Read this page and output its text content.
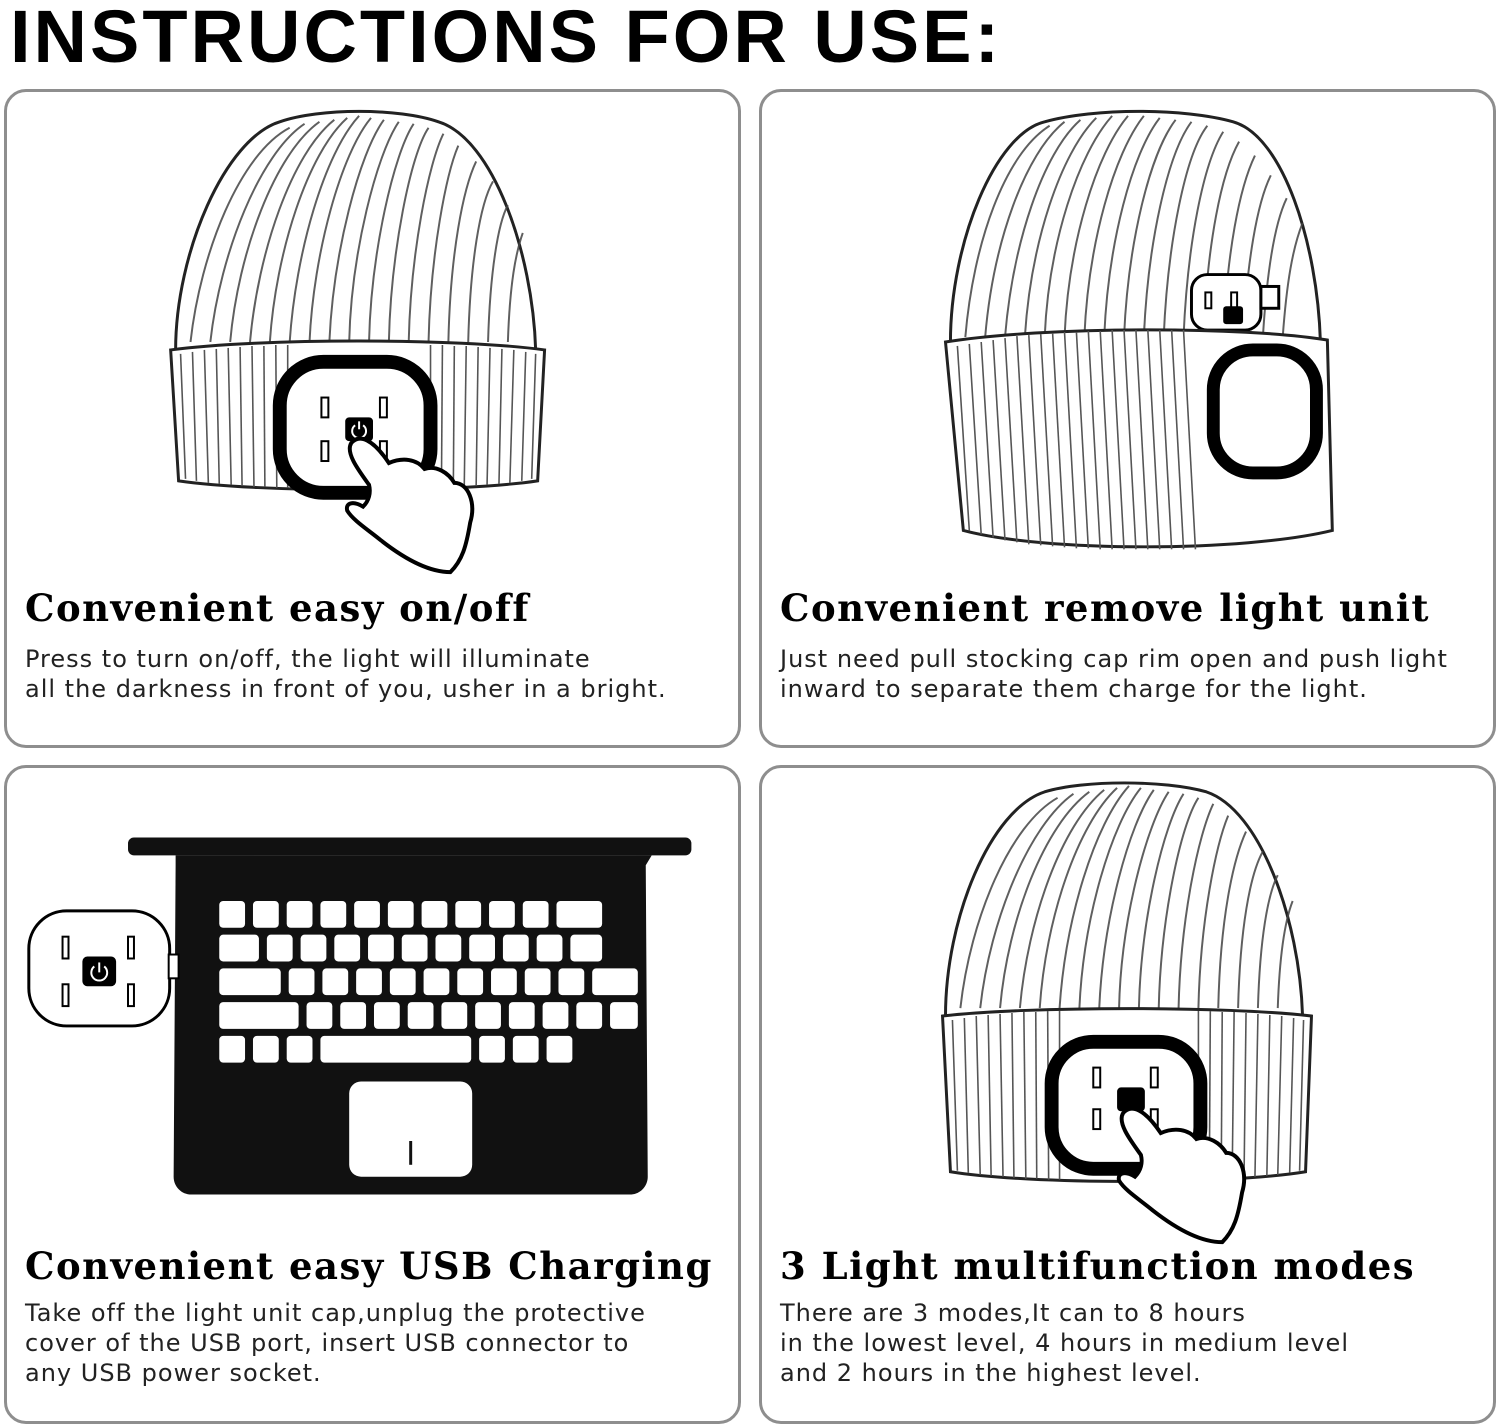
INSTRUCTIONS FOR USE:
Convenient easy on/off
Press to turn on/off, the light will illuminate
all the darkness in front of you, usher in a bright.
Convenient remove light unit
Just need pull stocking cap rim open and push light
inward to separate them charge for the light.
Convenient easy USB Charging
Take off the light unit cap,unplug the protective
cover of the USB port, insert USB connector to
any USB power socket.
3 Light multifunction modes
There are 3 modes,It can to 8 hours
in the lowest level, 4 hours in medium level
and 2 hours in the highest level.
